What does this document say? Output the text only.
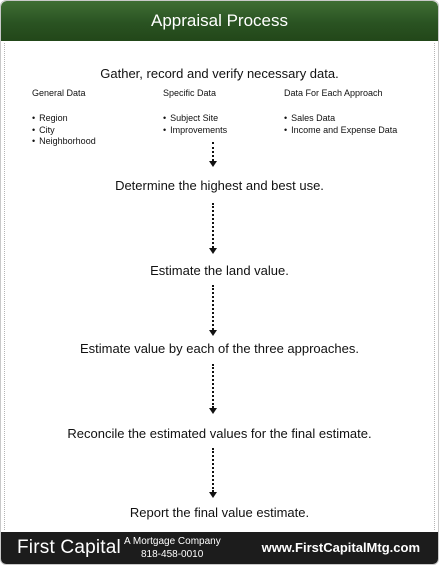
Appraisal Process
Gather, record and verify necessary data.
General Data
• Region
• City
• Neighborhood
Specific Data
• Subject Site
• Improvements
Data For Each Approach
• Sales Data
• Income and Expense Data
Determine the highest and best use.
Estimate the land value.
Estimate value by each of the three approaches.
Reconcile the estimated values for the final estimate.
Report the final value estimate.
First Capital A Mortgage Company
818-458-0010	www.FirstCapitalMtg.com
